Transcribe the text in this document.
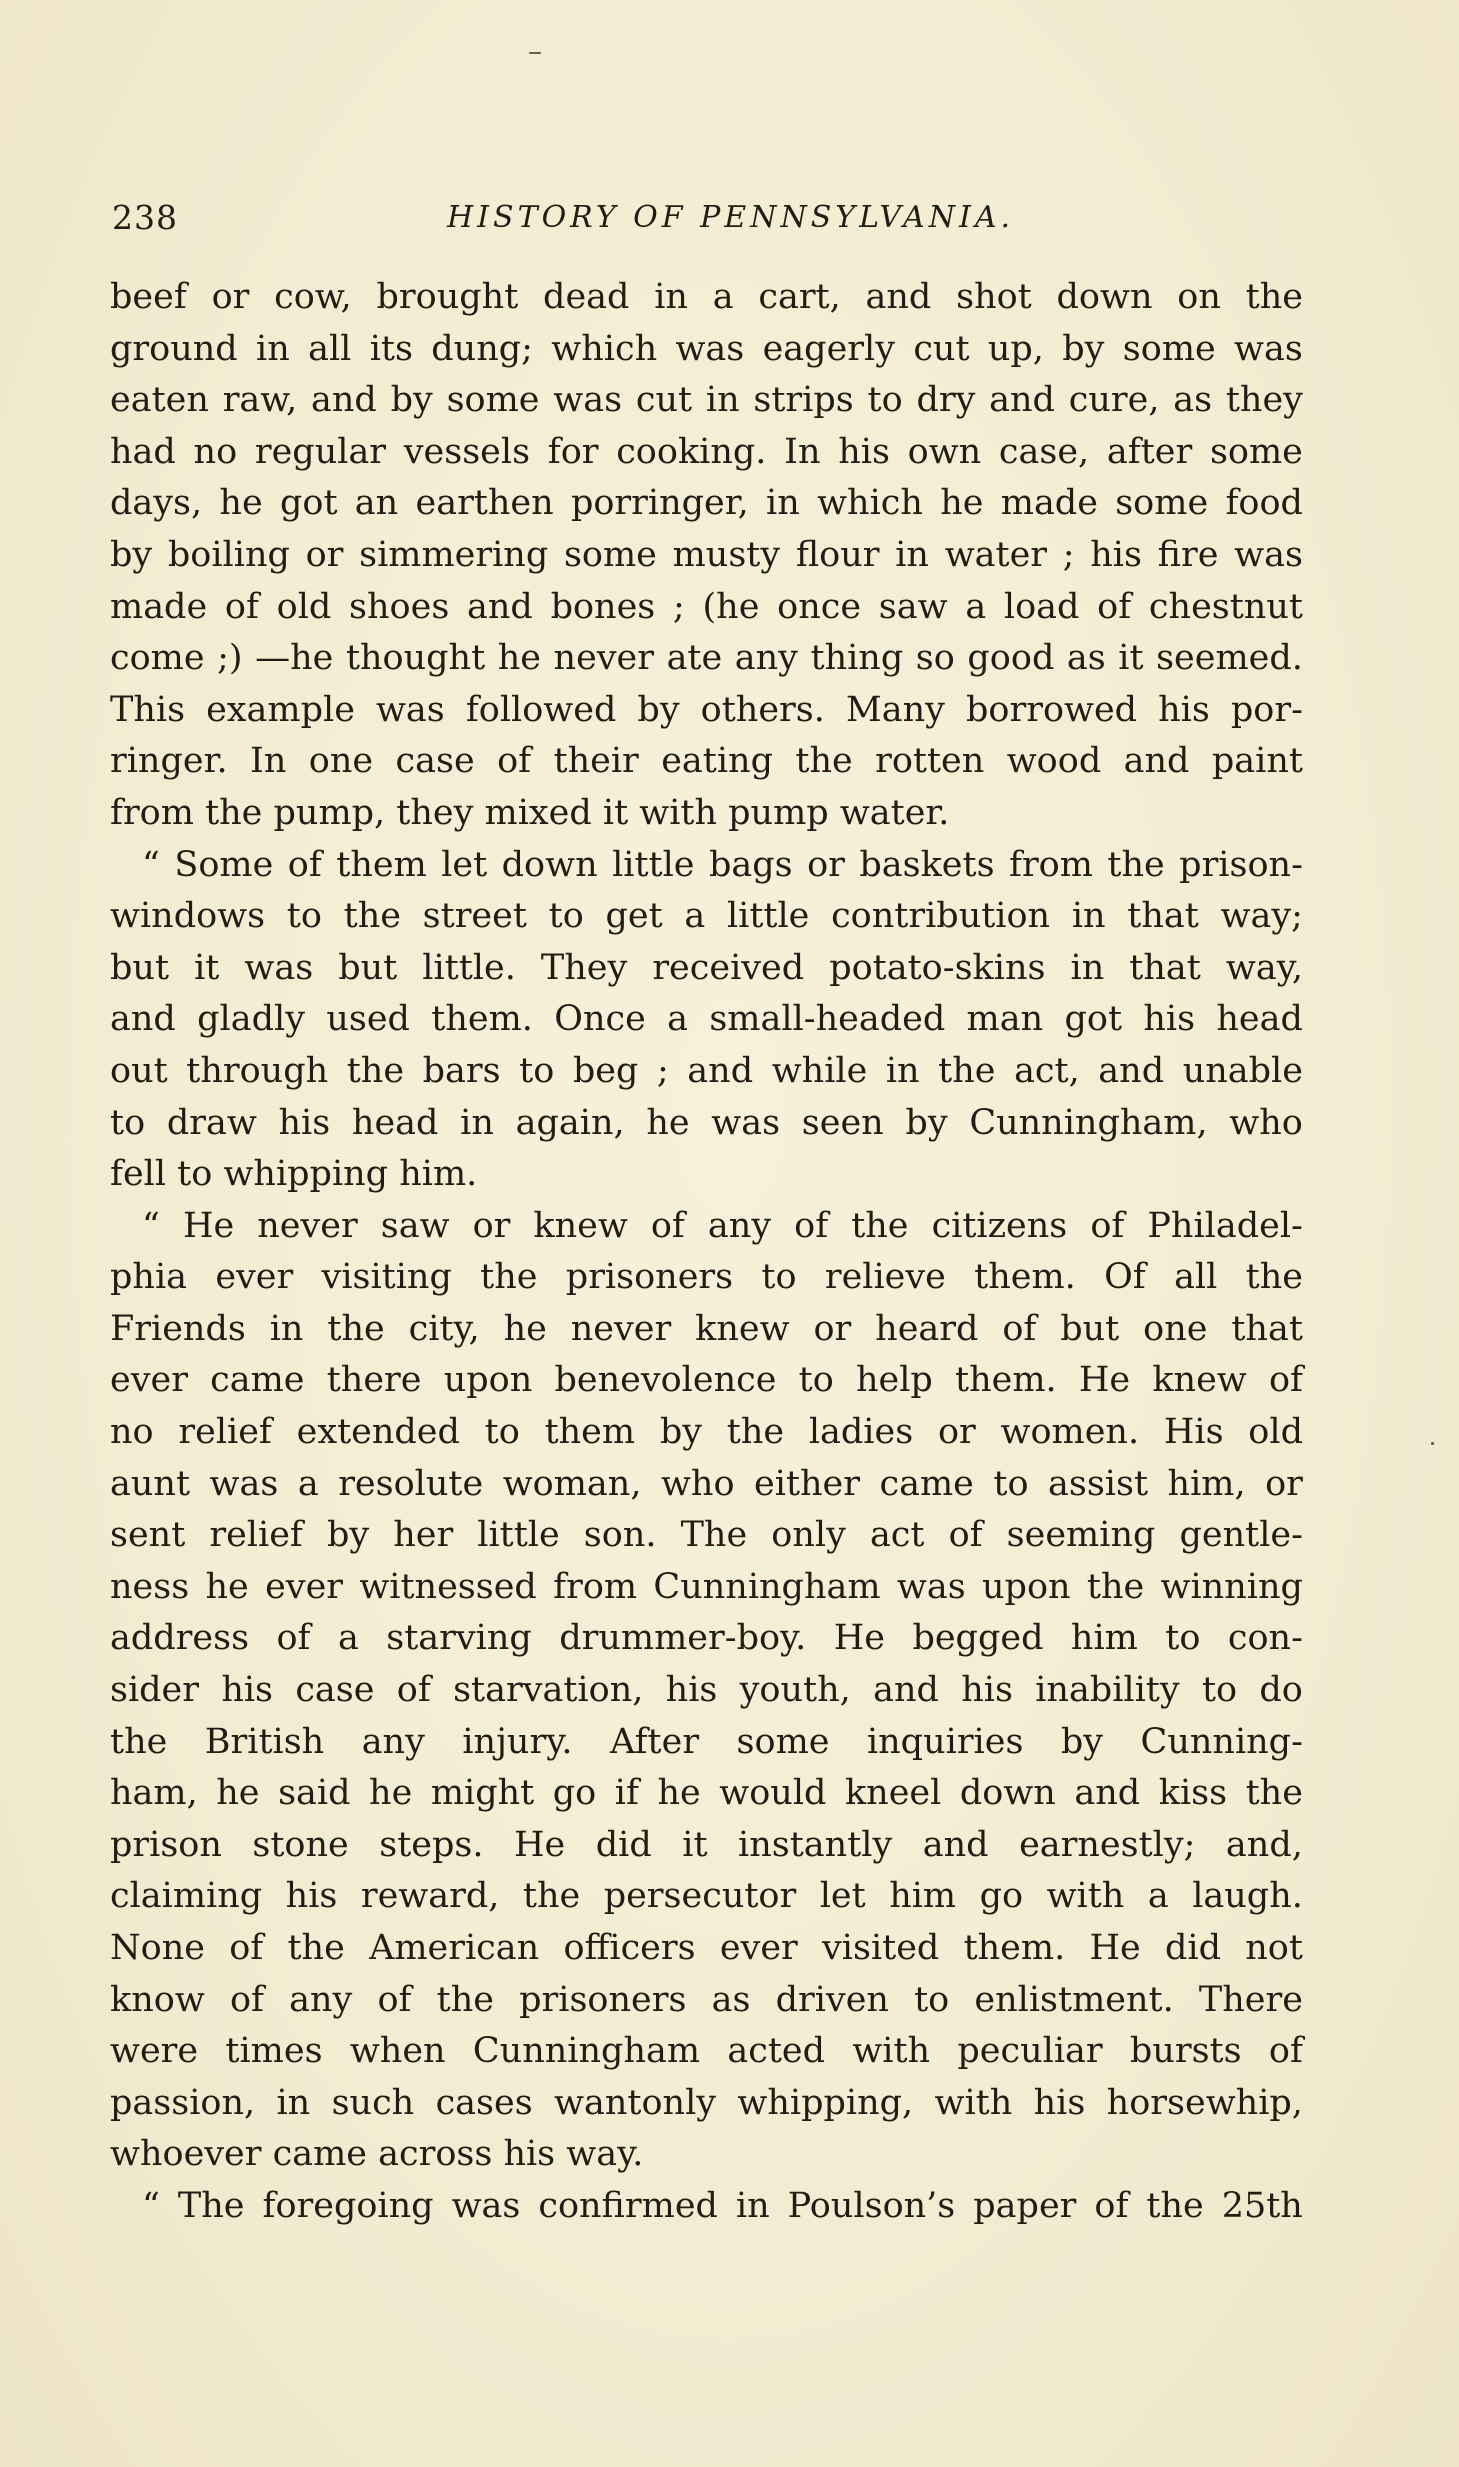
238	HISTORY OF PENNSYLVANIA.
beef or cow, brought dead in a cart, and shot down on the
ground in all its dung; which was eagerly cut up, by some was
eaten raw, and by some was cut in strips to dry and cure, as they
had no regular vessels for cooking. In his own case, after some
days, he got an earthen porringer, in which he made some food
by boiling or simmering some musty flour in water ; his fire was
made of old shoes and bones ; (he once saw a load of chestnut
come ;) —he thought he never ate any thing so good as it seemed.
This example was followed by others. Many borrowed his por-
ringer. In one case of their eating the rotten wood and paint
from the pump, they mixed it with pump water.
“ Some of them let down little bags or baskets from the prison-
windows to the street to get a little contribution in that way;
but it was but little. They received potato-skins in that way,
and gladly used them. Once a small-headed man got his head
out through the bars to beg ; and while in the act, and unable
to draw his head in again, he was seen by Cunningham, who
fell to whipping him.
“ He never saw or knew of any of the citizens of Philadel-
phia ever visiting the prisoners to relieve them. Of all the
Friends in the city, he never knew or heard of but one that
ever came there upon benevolence to help them. He knew of
no relief extended to them by the ladies or women. His old
aunt was a resolute woman, who either came to assist him, or
sent relief by her little son. The only act of seeming gentle-
ness he ever witnessed from Cunningham was upon the winning
address of a starving drummer-boy. He begged him to con-
sider his case of starvation, his youth, and his inability to do
the British any injury. After some inquiries by Cunning-
ham, he said he might go if he would kneel down and kiss the
prison stone steps. He did it instantly and earnestly; and,
claiming his reward, the persecutor let him go with a laugh.
None of the American officers ever visited them. He did not
know of any of the prisoners as driven to enlistment. There
were times when Cunningham acted with peculiar bursts of
passion, in such cases wantonly whipping, with his horsewhip,
whoever came across his way.
“ The foregoing was confirmed in Poulson’s paper of the 25th
